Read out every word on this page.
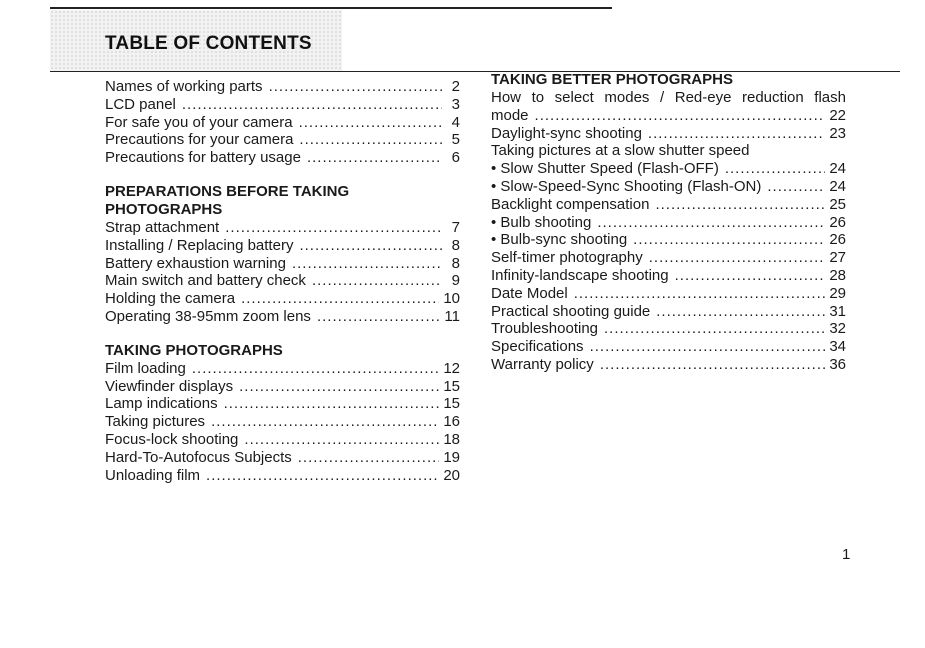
TABLE OF CONTENTS
Names of working parts .....	2
LCD panel .....	3
For safe you of your camera .....	4
Precautions for your camera .....	5
Precautions for battery usage .....	6
PREPARATIONS BEFORE TAKING
PHOTOGRAPHS
Strap attachment .....	7
Installing / Replacing battery .....	8
Battery exhaustion warning .....	8
Main switch and battery check .....	9
Holding the camera .....	10
Operating 38-95mm zoom lens .....	11
TAKING PHOTOGRAPHS
Film loading .....	12
Viewfinder displays .....	15
Lamp indications .....	15
Taking pictures .....	16
Focus-lock shooting .....	18
Hard-To-Autofocus Subjects .....	19
Unloading film .....	20
TAKING BETTER PHOTOGRAPHS
How to select modes / Red-eye reduction flash
mode .....	22
Daylight-sync shooting .....	23
Taking pictures at a slow shutter speed
• Slow Shutter Speed (Flash-OFF) .....	24
• Slow-Speed-Sync Shooting (Flash-ON) .....	24
Backlight compensation .....	25
• Bulb shooting .....	26
• Bulb-sync shooting .....	26
Self-timer photography .....	27
Infinity-landscape shooting .....	28
Date Model .....	29
Practical shooting guide .....	31
Troubleshooting .....	32
Specifications .....	34
Warranty policy .....	36
1
